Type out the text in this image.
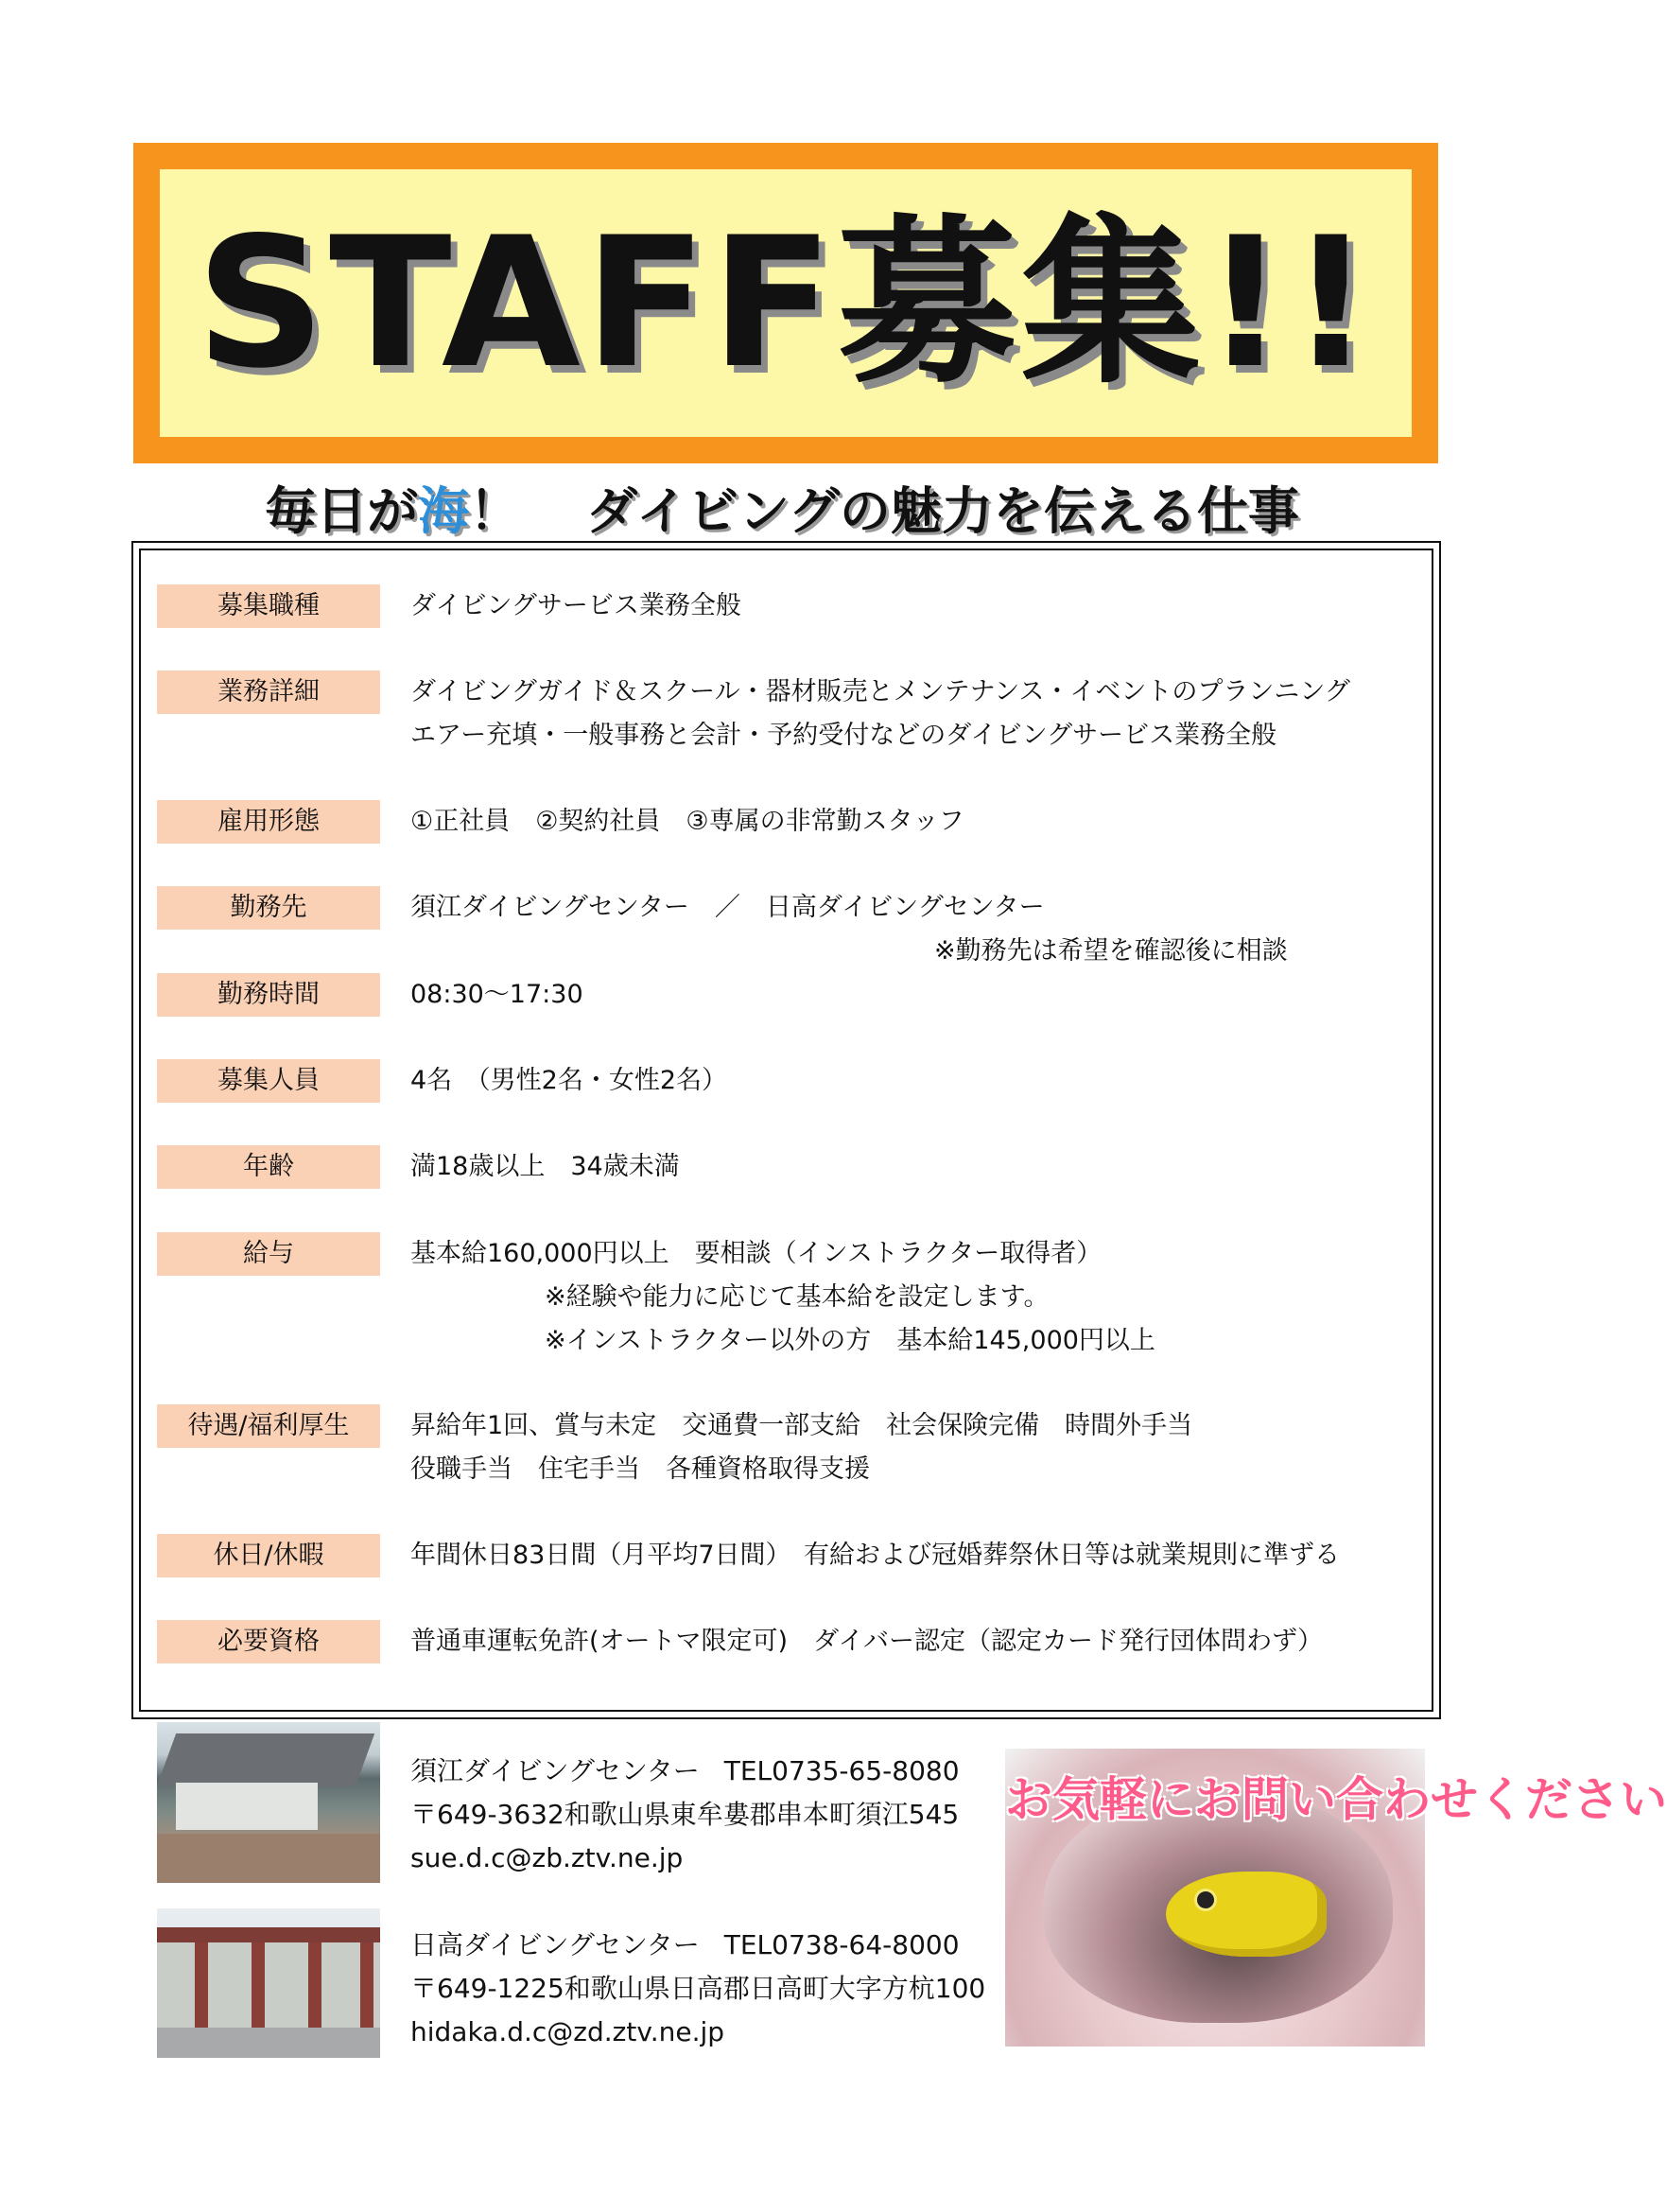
STAFF募集!!
毎日が海！ ダイビングの魅力を伝える仕事
募集職種	ダイビングサービス業務全般
業務詳細	ダイビングガイド＆スクール・器材販売とメンテナンス・イベントのプランニング
エアー充填・一般事務と会計・予約受付などのダイビングサービス業務全般
雇用形態	①正社員　②契約社員　③専属の非常勤スタッフ
勤務先	須江ダイビングセンター　／　日高ダイビングセンター
※勤務先は希望を確認後に相談
勤務時間	08:30～17:30
募集人員	4名　（男性2名・女性2名）
年齢	満18歳以上　34歳未満
給与	基本給160,000円以上　要相談（インストラクター取得者）
※経験や能力に応じて基本給を設定します。
※インストラクター以外の方　基本給145,000円以上
待遇/福利厚生	昇給年1回、賞与未定　交通費一部支給　社会保険完備　時間外手当
役職手当　住宅手当　各種資格取得支援
休日/休暇	年間休日83日間（月平均7日間）　有給および冠婚葬祭休日等は就業規則に準ずる
必要資格	普通車運転免許(オートマ限定可)　ダイバー認定（認定カード発行団体問わず）
須江ダイビングセンター TEL0735-65-8080
〒649-3632和歌山県東牟婁郡串本町須江545
sue.d.c@zb.ztv.ne.jp
日高ダイビングセンター TEL0738-64-8000
〒649-1225和歌山県日高郡日高町大字方杭100
hidaka.d.c@zd.ztv.ne.jp
お気軽にお問い合わせください
